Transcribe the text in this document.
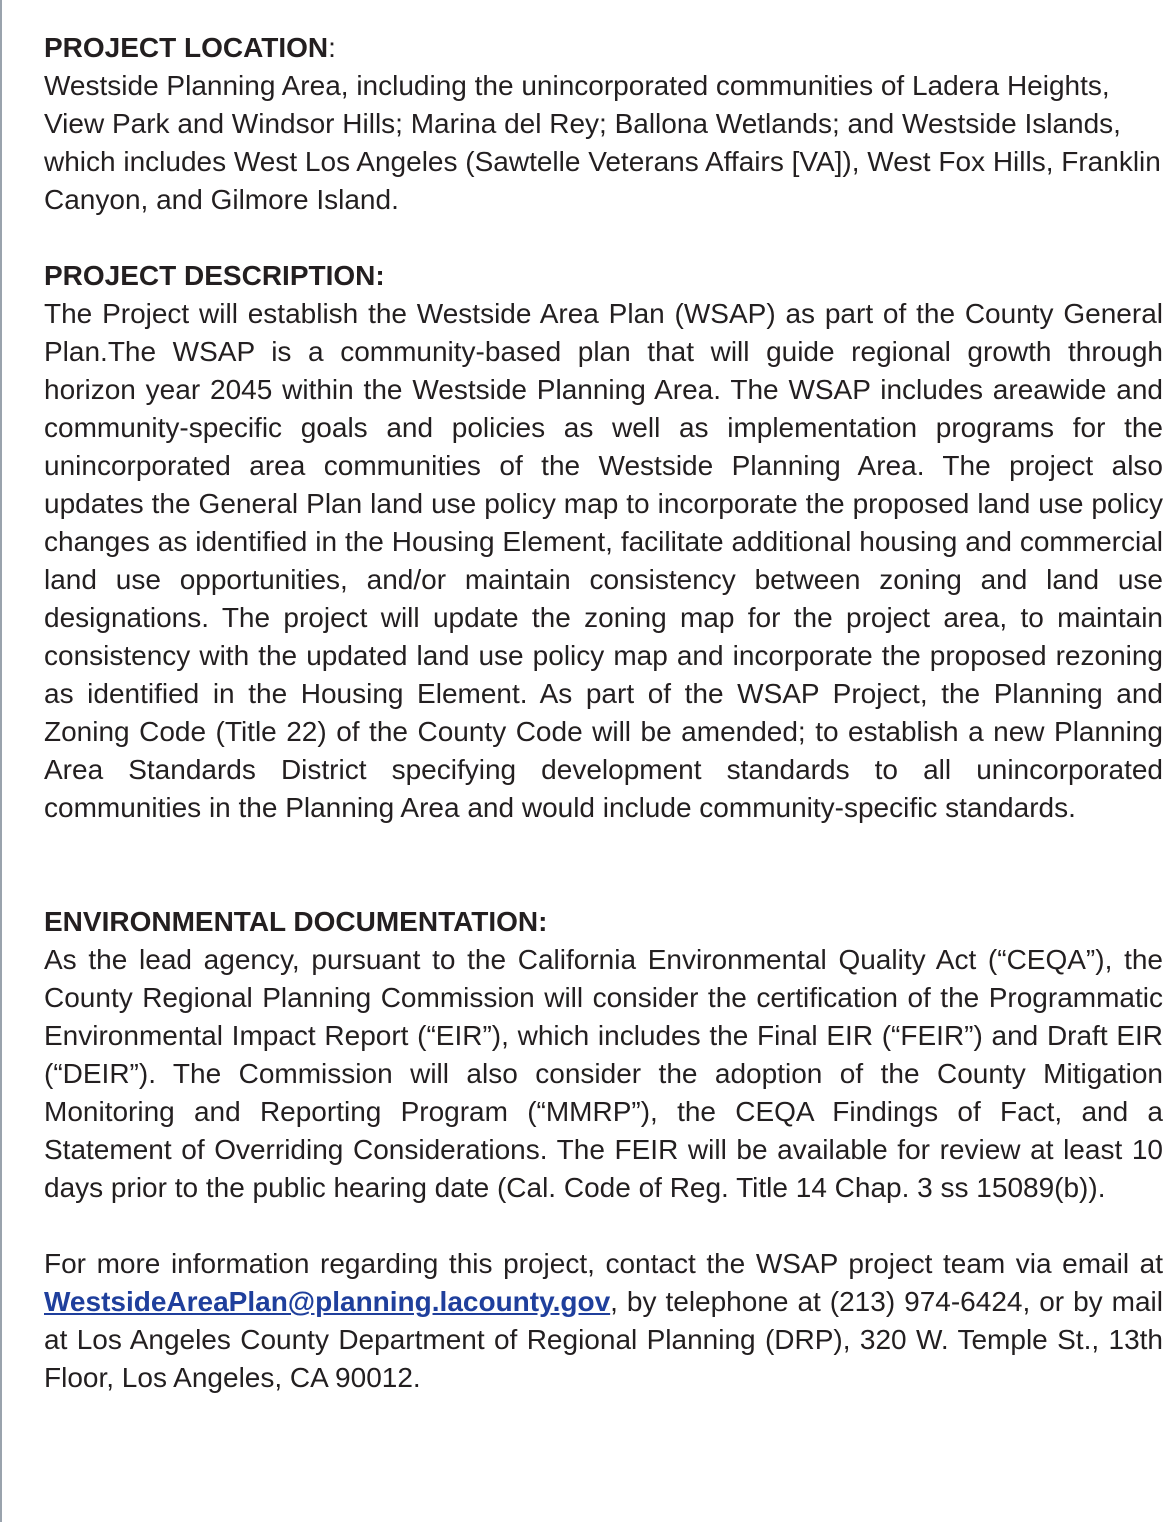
PROJECT LOCATION:

Westside Planning Area, including the unincorporated communities of Ladera Heights, View Park and Windsor Hills; Marina del Rey; Ballona Wetlands; and Westside Islands, which includes West Los Angeles (Sawtelle Veterans Affairs [VA]), West Fox Hills, Franklin Canyon, and Gilmore Island.

PROJECT DESCRIPTION:

The Project will establish the Westside Area Plan (WSAP) as part of the County General Plan.The WSAP is a community-based plan that will guide regional growth through horizon year 2045 within the Westside Planning Area. The WSAP includes areawide and community-specific goals and policies as well as implementation programs for the unincorporated area communities of the Westside Planning Area. The project also updates the General Plan land use policy map to incorporate the proposed land use policy changes as identified in the Housing Element, facilitate additional housing and commercial land use opportunities, and/or maintain consistency between zoning and land use designations. The project will update the zoning map for the project area, to maintain consistency with the updated land use policy map and incorporate the proposed rezoning as identified in the Housing Element. As part of the WSAP Project, the Planning and Zoning Code (Title 22) of the County Code will be amended; to establish a new Planning Area Standards District specifying development standards to all unincorporated communities in the Planning Area and would include community-specific standards.

ENVIRONMENTAL DOCUMENTATION:

As the lead agency, pursuant to the California Environmental Quality Act (“CEQA”), the County Regional Planning Commission will consider the certification of the Programmatic Environmental Impact Report (“EIR”), which includes the Final EIR (“FEIR”) and Draft EIR (“DEIR”). The Commission will also consider the adoption of the County Mitigation Monitoring and Reporting Program (“MMRP”), the CEQA Findings of Fact, and a Statement of Overriding Considerations. The FEIR will be available for review at least 10 days prior to the public hearing date (Cal. Code of Reg. Title 14 Chap. 3 ss 15089(b)).

For more information regarding this project, contact the WSAP project team via email at WestsideAreaPlan@planning.lacounty.gov, by telephone at (213) 974-6424, or by mail at Los Angeles County Department of Regional Planning (DRP), 320 W. Temple St., 13th Floor, Los Angeles, CA 90012.
